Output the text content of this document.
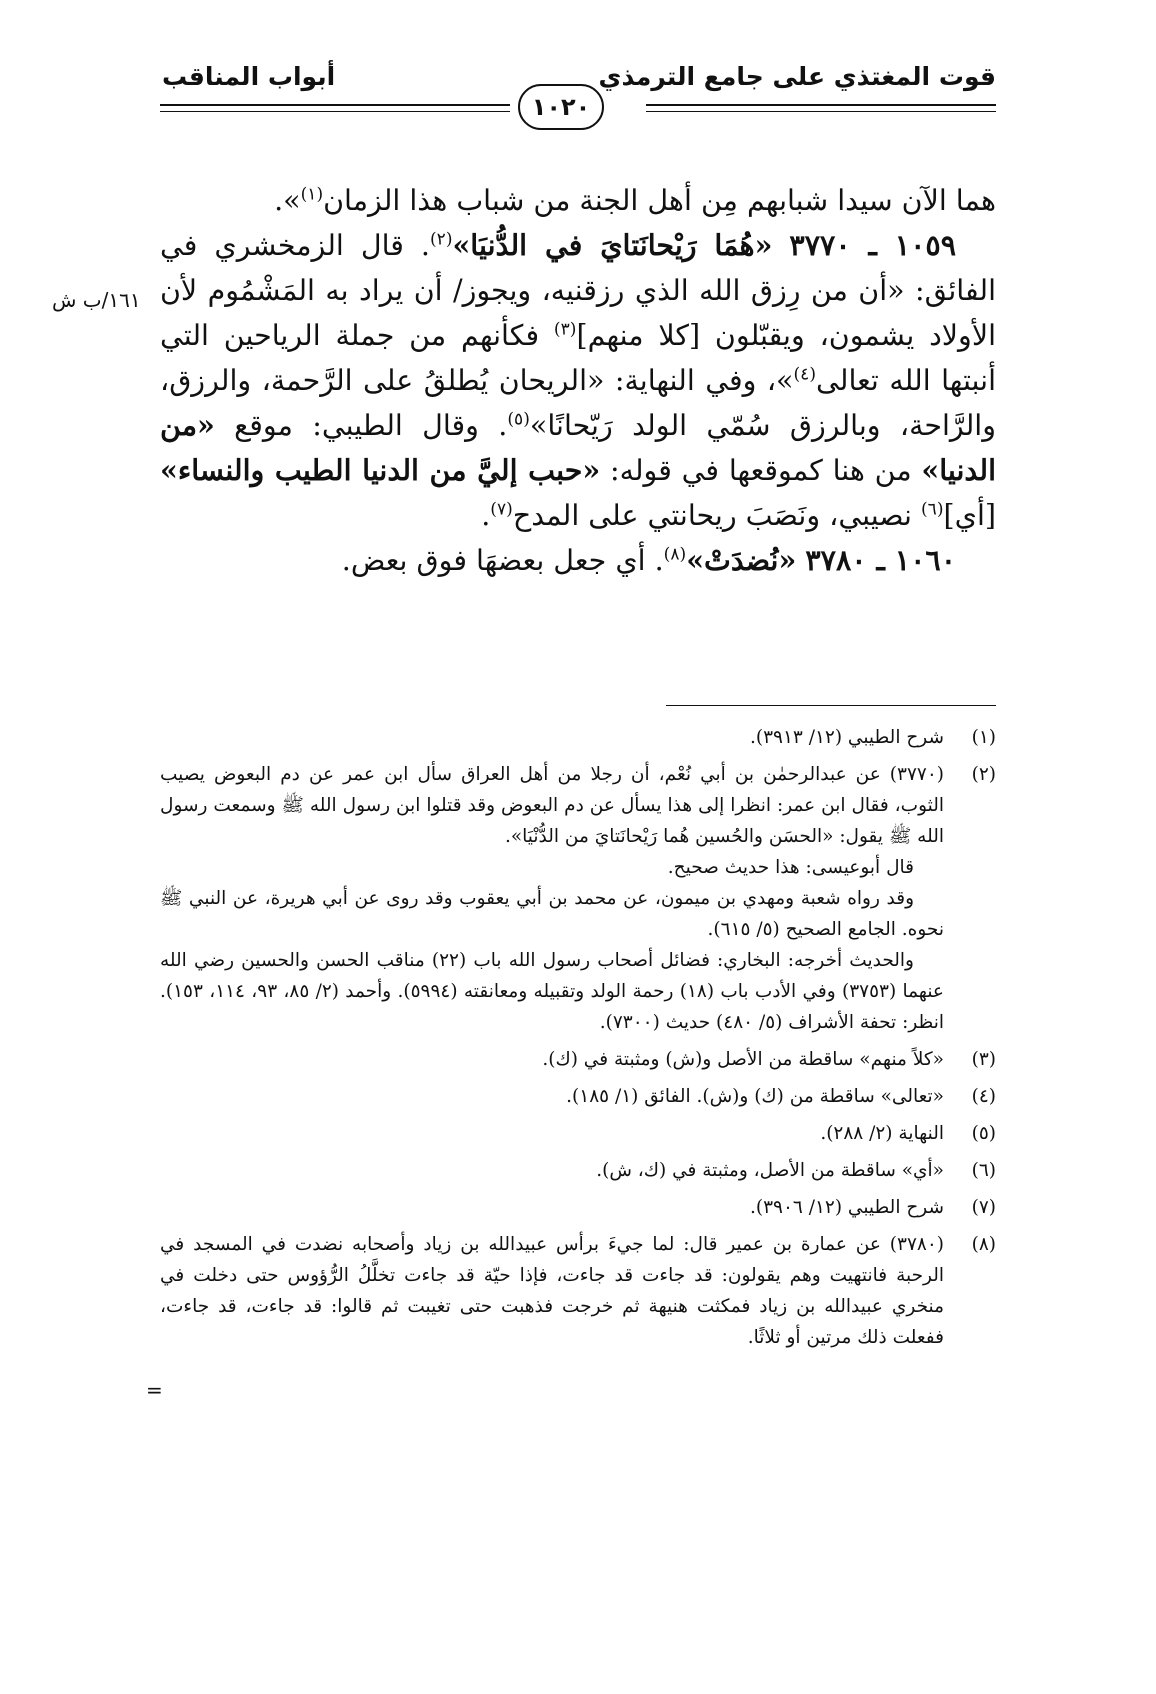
قوت المغتذي على جامع الترمذي
أبواب المناقب
١٠٢٠
١٦١/ب ش

هما الآن سيدا شبابهم مِن أهل الجنة من شباب هذا الزمان$^{(١)}$».

١٠٥٩ ـ ٣٧٧٠ «هُمَا رَيْحانَتايَ في الدُّنيَا»$^{(٢)}$. قال الزمخشري في الفائق: «أن من رِزق الله الذي رزقنيه، ويجوز/ أن يراد به المَشْمُوم لأن الأولاد يشمون، ويقبّلون [كلا منهم]$^{(٣)}$ فكأنهم من جملة الرياحين التي أنبتها الله تعالى$^{(٤)}$»، وفي النهاية: «الريحان يُطلقُ على الرَّحمة، والرزق، والرَّاحة، وبالرزق سُمّي الولد رَيّحانًا»$^{(٥)}$. وقال الطيبي: موقع «من الدنيا» من هنا كموقعها في قوله: «حبب إليَّ من الدنيا الطيب والنساء» [أي]$^{(٦)}$ نصيبي، ونَصَبَ ريحانتي على المدح$^{(٧)}$.

١٠٦٠ ـ ٣٧٨٠ «نُضدَتْ»$^{(٨)}$. أي جعل بعضهَا فوق بعض.

(١)

شرح الطيبي (١٢/ ٣٩١٣).

(٢)

(٣٧٧٠) عن عبدالرحمٰن بن أبي نُعْم، أن رجلا من أهل العراق سأل ابن عمر عن دم البعوض يصيب الثوب، فقال ابن عمر: انظرا إلى هذا يسأل عن دم البعوض وقد قتلوا ابن رسول الله ﷺ وسمعت رسول الله ﷺ يقول: «الحسَن والحُسين هُما رَيْحانَتايَ من الدُّنْيَا».

قال أبوعيسى: هذا حديث صحيح.

وقد رواه شعبة ومهدي بن ميمون، عن محمد بن أبي يعقوب وقد روى عن أبي هريرة، عن النبي ﷺ نحوه. الجامع الصحيح (٥/ ٦١٥).

والحديث أخرجه: البخاري: فضائل أصحاب رسول الله باب (٢٢) مناقب الحسن والحسين رضي الله عنهما (٣٧٥٣) وفي الأدب باب (١٨) رحمة الولد وتقبيله ومعانقته (٥٩٩٤). وأحمد (٢/ ٨٥، ٩٣، ١١٤، ١٥٣). انظر: تحفة الأشراف (٥/ ٤٨٠) حديث (٧٣٠٠).

(٣)

«كلاً منهم» ساقطة من الأصل و(ش) ومثبتة في (ك).

(٤)

«تعالى» ساقطة من (ك) و(ش). الفائق (١/ ١٨٥).

(٥)

النهاية (٢/ ٢٨٨).

(٦)

«أي» ساقطة من الأصل، ومثبتة في (ك، ش).

(٧)

شرح الطيبي (١٢/ ٣٩٠٦).

(٨)

(٣٧٨٠) عن عمارة بن عمير قال: لما جيءَ برأس عبيدالله بن زياد وأصحابه نضدت في المسجد في الرحبة فانتهيت وهم يقولون: قد جاءت قد جاءت، فإذا حيّة قد جاءت تخلَّلُ الرُّؤوس حتى دخلت في منخري عبيدالله بن زياد فمكثت هنيهة ثم خرجت فذهبت حتى تغيبت ثم قالوا: قد جاءت، قد جاءت، ففعلت ذلك مرتين أو ثلاثًا.

=
